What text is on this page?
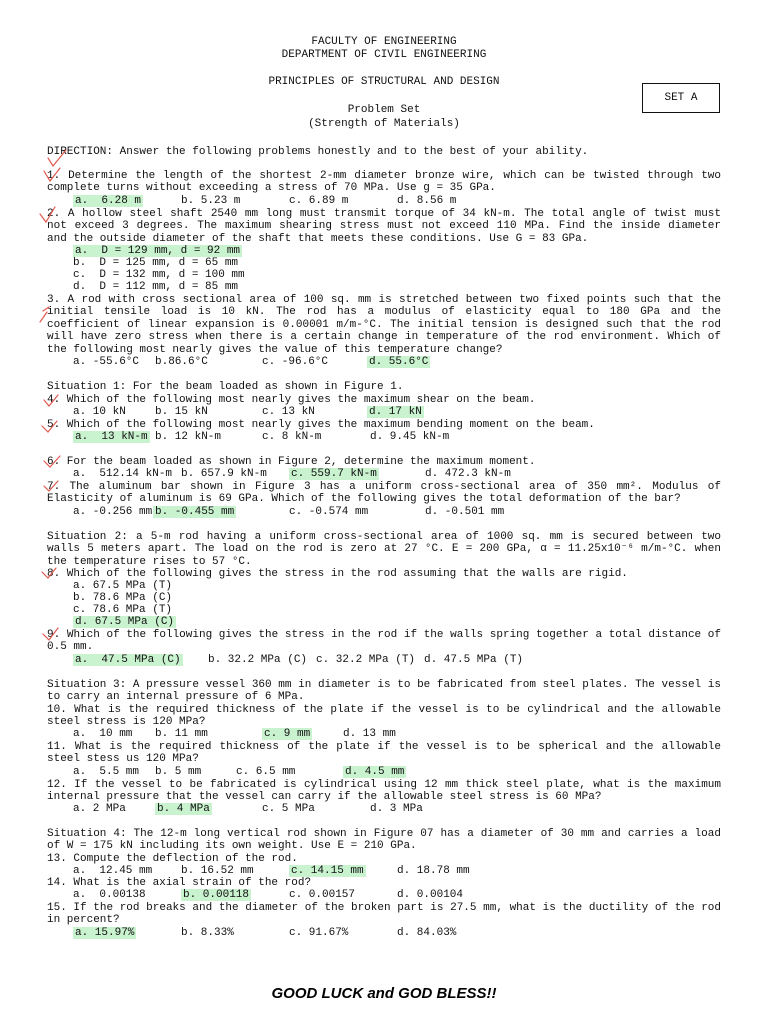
FACULTY OF ENGINEERING
DEPARTMENT OF CIVIL ENGINEERING
PRINCIPLES OF STRUCTURAL AND DESIGN
SET A
Problem Set
(Strength of Materials)
DIRECTION: Answer the following problems honestly and to the best of your ability.
1. Determine the length of the shortest 2-mm diameter bronze wire, which can be twisted through two complete turns without exceeding a stress of 70 MPa. Use g = 35 GPa.
a.  6.28 m	b. 5.23 m	c. 6.89 m	d. 8.56 m
2. A hollow steel shaft 2540 mm long must transmit torque of 34 kN-m. The total angle of twist must not exceed 3 degrees. The maximum shearing stress must not exceed 110 MPa. Find the inside diameter and the outside diameter of the shaft that meets these conditions. Use G = 83 GPa.
a.  D = 129 mm, d = 92 mm
b.  D = 125 mm, d = 65 mm
c.  D = 132 mm, d = 100 mm
d.  D = 112 mm, d = 85 mm
3. A rod with cross sectional area of 100 sq. mm is stretched between two fixed points such that the initial tensile load is 10 kN. The rod has a modulus of elasticity equal to 180 GPa and the coefficient of linear expansion is 0.00001 m/m-°C. The initial tension is designed such that the rod will have zero stress when there is a certain change in temperature of the rod environment. Which of the following most nearly gives the value of this temperature change?
a. -55.6°C b.86.6°C	c. -96.6°C	d. 55.6°C
Situation 1: For the beam loaded as shown in Figure 1.
4. Which of the following most nearly gives the maximum shear on the beam.
a. 10 kN	b. 15 kN	c. 13 kN	d. 17 kN
5. Which of the following most nearly gives the maximum bending moment on the beam.
a.  13 kN-m b. 12 kN-m	c. 8 kN-m	d. 9.45 kN-m
6. For the beam loaded as shown in Figure 2, determine the maximum moment.
a.  512.14 kN-m b. 657.9 kN-m c. 559.7 kN-m	d. 472.3 kN-m
7. The aluminum bar shown in Figure 3 has a uniform cross-sectional area of 350 mm². Modulus of Elasticity of aluminum is 69 GPa. Which of the following gives the total deformation of the bar?
a. -0.256 mm b. -0.455 mm	c. -0.574 mm	d. -0.501 mm
Situation 2: a 5-m rod having a uniform cross-sectional area of 1000 sq. mm is secured between two walls 5 meters apart. The load on the rod is zero at 27 °C. E = 200 GPa, α = 11.25x10⁻⁶ m/m-°C. when the temperature rises to 57 °C.
8. Which of the following gives the stress in the rod assuming that the walls are rigid.
a. 67.5 MPa (T)
b. 78.6 MPa (C)
c. 78.6 MPa (T)
d. 67.5 MPa (C)
9. Which of the following gives the stress in the rod if the walls spring together a total distance of 0.5 mm.
a.  47.5 MPa (C) b. 32.2 MPa (C) c. 32.2 MPa (T) d. 47.5 MPa (T)
Situation 3: A pressure vessel 360 mm in diameter is to be fabricated from steel plates. The vessel is to carry an internal pressure of 6 MPa.
10. What is the required thickness of the plate if the vessel is to be cylindrical and the allowable steel stress is 120 MPa?
a.  10 mm b. 11 mm	c. 9 mm	d. 13 mm
11. What is the required thickness of the plate if the vessel is to be spherical and the allowable steel stess us 120 MPa?
a.  5.5 mm b. 5 mm	c. 6.5 mm	d. 4.5 mm
12. If the vessel to be fabricated is cylindrical using 12 mm thick steel plate, what is the maximum internal pressure that the vessel can carry if the allowable steel stress is 60 MPa?
a. 2 MPa	b. 4 MPa	c. 5 MPa	d. 3 MPa
Situation 4: The 12-m long vertical rod shown in Figure 07 has a diameter of 30 mm and carries a load of W = 175 kN including its own weight. Use E = 210 GPa.
13. Compute the deflection of the rod.
a.  12.45 mm	b. 16.52 mm	c. 14.15 mm	d. 18.78 mm
14. What is the axial strain of the rod?
a.  0.00138	b. 0.00118	c. 0.00157	d. 0.00104
15. If the rod breaks and the diameter of the broken part is 27.5 mm, what is the ductility of the rod in percent?
a. 15.97%	b. 8.33%	c. 91.67%	d. 84.03%
GOOD LUCK and GOD BLESS!!
